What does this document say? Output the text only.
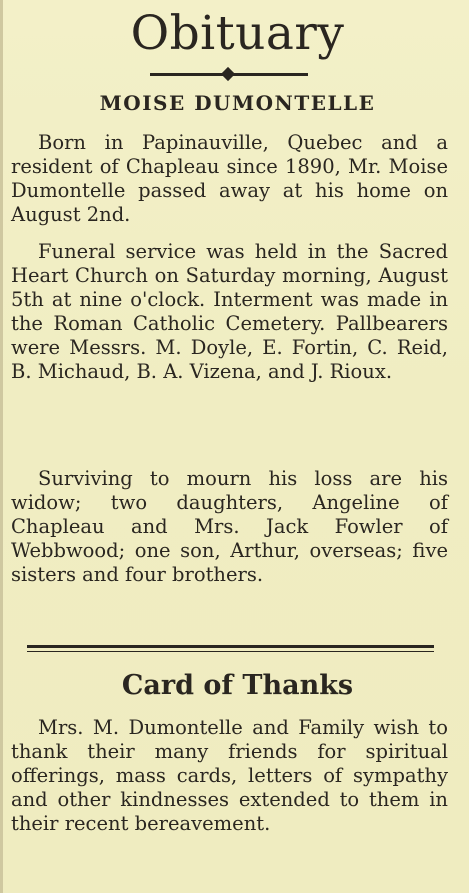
Obituary
MOISE DUMONTELLE

Born in Papinauville, Quebec and a resident of Chapleau since 1890, Mr. Moise Dumontelle passed away at his home on August 2nd.

Funeral service was held in the Sacred Heart Church on Saturday morning, August 5th at nine o'clock. Interment was made in the Roman Catholic Cemetery. Pallbearers were Messrs. M. Doyle, E. Fortin, C. Reid, B. Michaud, B. A. Vizena, and J. Rioux.

Surviving to mourn his loss are his widow; two daughters, Angeline of Chapleau and Mrs. Jack Fowler of Webbwood; one son, Arthur, overseas; five sisters and four brothers.

Card of Thanks

Mrs. M. Dumontelle and Family wish to thank their many friends for spiritual offerings, mass cards, letters of sympathy and other kindnesses extended to them in their recent bereavement.
